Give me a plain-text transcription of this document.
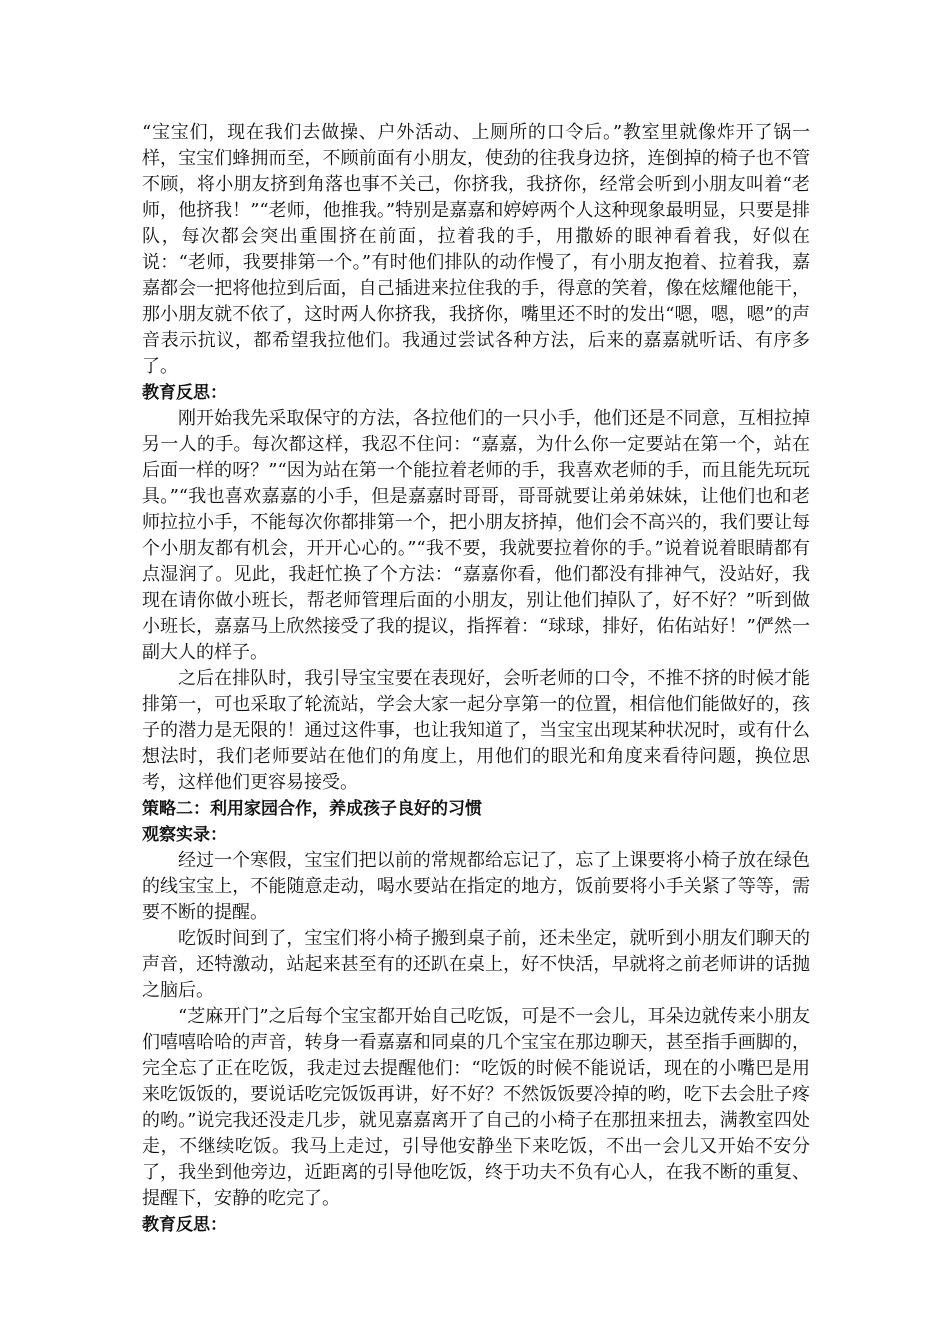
“宝宝们，现在我们去做操、户外活动、上厕所的口令后。”教室里就像炸开了锅一样，宝宝们蜂拥而至，不顾前面有小朋友，使劲的往我身边挤，连倒掉的椅子也不管不顾，将小朋友挤到角落也事不关己，你挤我，我挤你，经常会听到小朋友叫着“老师，他挤我！”“老师，他推我。”特别是嘉嘉和婷婷两个人这种现象最明显，只要是排队，每次都会突出重围挤在前面，拉着我的手，用撒娇的眼神看着我，好似在说：“老师，我要排第一个。”有时他们排队的动作慢了，有小朋友抱着、拉着我，嘉嘉都会一把将他拉到后面，自己插进来拉住我的手，得意的笑着，像在炫耀他能干，那小朋友就不依了，这时两人你挤我，我挤你，嘴里还不时的发出“嗯，嗯，嗯”的声音表示抗议，都希望我拉他们。我通过尝试各种方法，后来的嘉嘉就听话、有序多了。

教育反思：

刚开始我先采取保守的方法，各拉他们的一只小手，他们还是不同意，互相拉掉另一人的手。每次都这样，我忍不住问：“嘉嘉，为什么你一定要站在第一个，站在后面一样的呀？”“因为站在第一个能拉着老师的手，我喜欢老师的手，而且能先玩玩具。”“我也喜欢嘉嘉的小手，但是嘉嘉时哥哥，哥哥就要让弟弟妹妹，让他们也和老师拉拉小手，不能每次你都排第一个，把小朋友挤掉，他们会不高兴的，我们要让每个小朋友都有机会，开开心心的。”“我不要，我就要拉着你的手。”说着说着眼睛都有点湿润了。见此，我赶忙换了个方法：“嘉嘉你看，他们都没有排神气，没站好，我现在请你做小班长，帮老师管理后面的小朋友，别让他们掉队了，好不好？”听到做小班长，嘉嘉马上欣然接受了我的提议，指挥着：“球球，排好，佑佑站好！”俨然一副大人的样子。

之后在排队时，我引导宝宝要在表现好，会听老师的口令，不推不挤的时候才能排第一，可也采取了轮流站，学会大家一起分享第一的位置，相信他们能做好的，孩子的潜力是无限的！通过这件事，也让我知道了，当宝宝出现某种状况时，或有什么想法时，我们老师要站在他们的角度上，用他们的眼光和角度来看待问题，换位思考，这样他们更容易接受。

策略二：利用家园合作，养成孩子良好的习惯

观察实录：

经过一个寒假，宝宝们把以前的常规都给忘记了，忘了上课要将小椅子放在绿色的线宝宝上，不能随意走动，喝水要站在指定的地方，饭前要将小手关紧了等等，需要不断的提醒。

吃饭时间到了，宝宝们将小椅子搬到桌子前，还未坐定，就听到小朋友们聊天的声音，还特激动，站起来甚至有的还趴在桌上，好不快活，早就将之前老师讲的话抛之脑后。

“芝麻开门”之后每个宝宝都开始自己吃饭，可是不一会儿，耳朵边就传来小朋友们嘻嘻哈哈的声音，转身一看嘉嘉和同桌的几个宝宝在那边聊天，甚至指手画脚的，完全忘了正在吃饭，我走过去提醒他们：“吃饭的时候不能说话，现在的小嘴巴是用来吃饭饭的，要说话吃完饭饭再讲，好不好？不然饭饭要冷掉的哟，吃下去会肚子疼的哟。”说完我还没走几步，就见嘉嘉离开了自己的小椅子在那扭来扭去，满教室四处走，不继续吃饭。我马上走过，引导他安静坐下来吃饭，不出一会儿又开始不安分了，我坐到他旁边，近距离的引导他吃饭，终于功夫不负有心人，在我不断的重复、提醒下，安静的吃完了。

教育反思：
